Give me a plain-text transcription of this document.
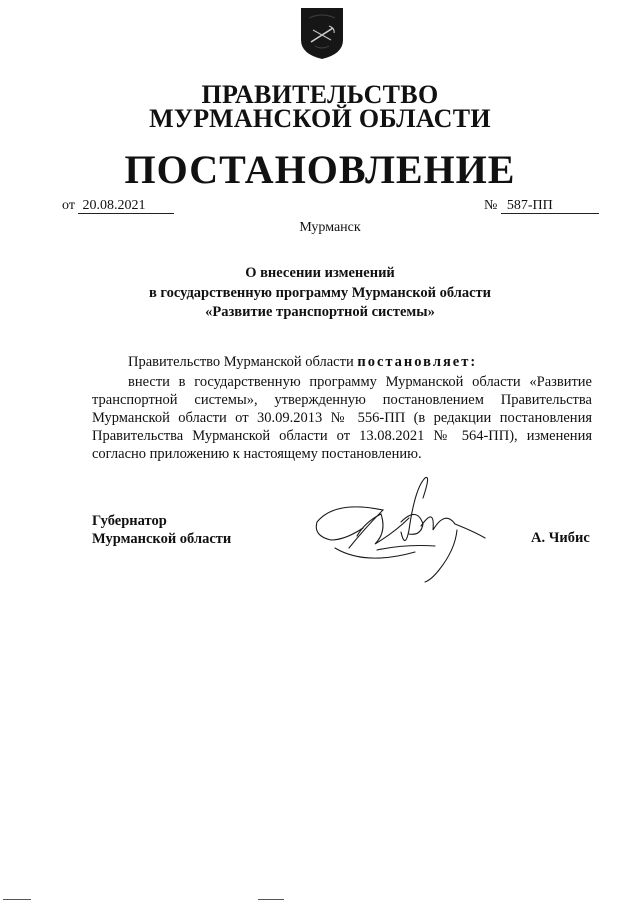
ПРАВИТЕЛЬСТВО
МУРМАНСКОЙ ОБЛАСТИ
ПОСТАНОВЛЕНИЕ
от 20.08.2021	№ 587-ПП
Мурманск
О внесении изменений
в государственную программу Мурманской области
«Развитие транспортной системы»
Правительство Мурманской области постановляет:
внести в государственную программу Мурманской области «Развитие транспортной системы», утвержденную постановлением Правительства Мурманской области от 30.09.2013 № 556-ПП (в редакции постановления Правительства Мурманской области от 13.08.2021 № 564-ПП), изменения согласно приложению к настоящему постановлению.
Губернатор
Мурманской области	А. Чибис
